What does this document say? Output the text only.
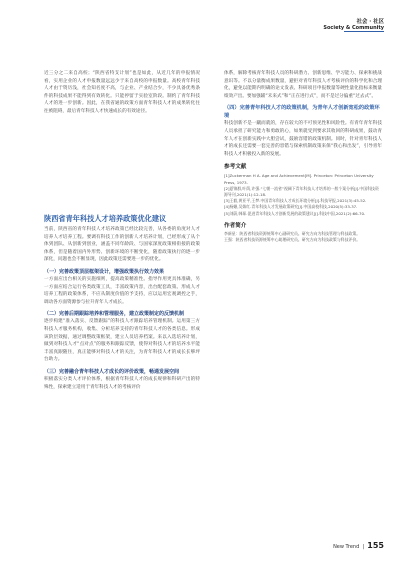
社会 · 社区
Society & Community

近三分之二来自高校；“陕西省特支计划”也是如此，从近几年的申报情况看，实用企业的人才申报数量远远少于来自高校的申报数量。高校青年科技人才由于资历浅，社会知名度不高，与企业、产业结合少，不少具备优秀条件的科技成果不能得到有效转化。只能停留于实验室阶段。制约了青年科技人才的进一步创新。因此，在我省通的政策方面青年科技人才的成果转化往往被阻碍，最后青年科技人才快速成长的有效途径。

陕西省青年科技人才培养政策优化建议

当前，陕西省的青年科技人才培养政策已经比较完善，从各委的角度对人才培养人才培养工程。要调有科技工作的创新人才培养计划，已经形成了从个体到团队、从创新到创业，涵盖不同年龄段、与国家深度政策相衔接的政策体系，但是随着国内外形势、创新环境的不断变化，随着政策执行的逐一步深化，问题也会不断显现，因此政策还需要进一步的优化。

（一）完善政策顶层框架设计，增强政策执行效力效果

一方面应出台相关的实施细则，提高政策精准性。指导作用更具体准确，另一方面应结合运行各类政策工具，丰富政策内容，出台配套政策。形成人才培养工程的政策体系，不应从制度价值的予支持，应以运用宏观调控之手，调动各方面资源参与拉升青年人才成长。

（二）完善后期跟踪培养和管理服务，建立政策制定的反馈机制

逐步构建“准入落实、反馈跟踪”的科技人才跟踪培养管理机制。运用第三方科技人才服务机构，收集、分析培养支持的青年科技人才的各类信息。形成该阶层效据，通过调整政策框架，建立人员培养档案。来以入选培养计划，做到对科技人才“点对点”的服务和跟踪反馈，使得对科技人才的培养水平能丰富真跟随住，真正能够对科技人才的关注，为青年科技人才的成长长够坪台助力。

（三）完善融合青年科技人才成长的评价政策，畅通发展空间

积极落实分类人才评价体系，根据青年科技人才的成长规律和科研产出的特殊性，探索建立适用于青年科技人才的考核评价

体系，解除考核青年科技人员的科研潜力、创新思维、学习能力、探索和挑战意识等。不以分量衡成果数量，避拒对青年科技人才考核评价的科学化和合理化，避免以能期内明确的论文发表、科研项目申报数量等硬性量化指标来衡量绩效产出。要加强辅“未来式”和“正在进行式”，而不是过分偏重“过去式”。

（四）完善青年科技人才的政策机制，为青年人才创新宽松的政策环境

科技创新不是一蹴而就的，存在较大的不可预见性和风险性。有青年青年科技人员承担了研究能力和勇敢的心，如果就受到要求其收回的科研成果，鼓动青年人才在创新实践中大胆尝试，鼓励容错的政策机制。同时，针对青年科技人才的成长还需要一套完善的容错与探索机制政策来保“我心和出发”，引导青年科技人才积极投入新的发展。

参考文献

[1]Zuckerman H A. Age and Achievement[M]. Princeton: Princeton University Press, 1973.

[2]夏锦群,叶荫,许强.“七朝一流省”视阈下青年科技人才培养的一般个案分析[J].中国科技资源导刊,2021(1):12-18.

[3]王毅,黄亚平,王梦.中国青年科技人才成长环境分析[J].科技导报,2021(3):45-52.

[4]杨姗,吴姝红.青年科技人才发展政策研究[J].中国高校科技,2020(5):33-37.

[5]刘蔚,韩琛.促进青年科技人才创新发展的政策建议[J].科技中国,2021(2):66-70.

作者简介

李新星：陕西省科技资源统筹中心副研究员。研究方向为科技管理与科技政策。

王强：陕西省科技资源统筹中心助理研究员。研究方向为科技政策与科技评价。

New Trend  |  155
